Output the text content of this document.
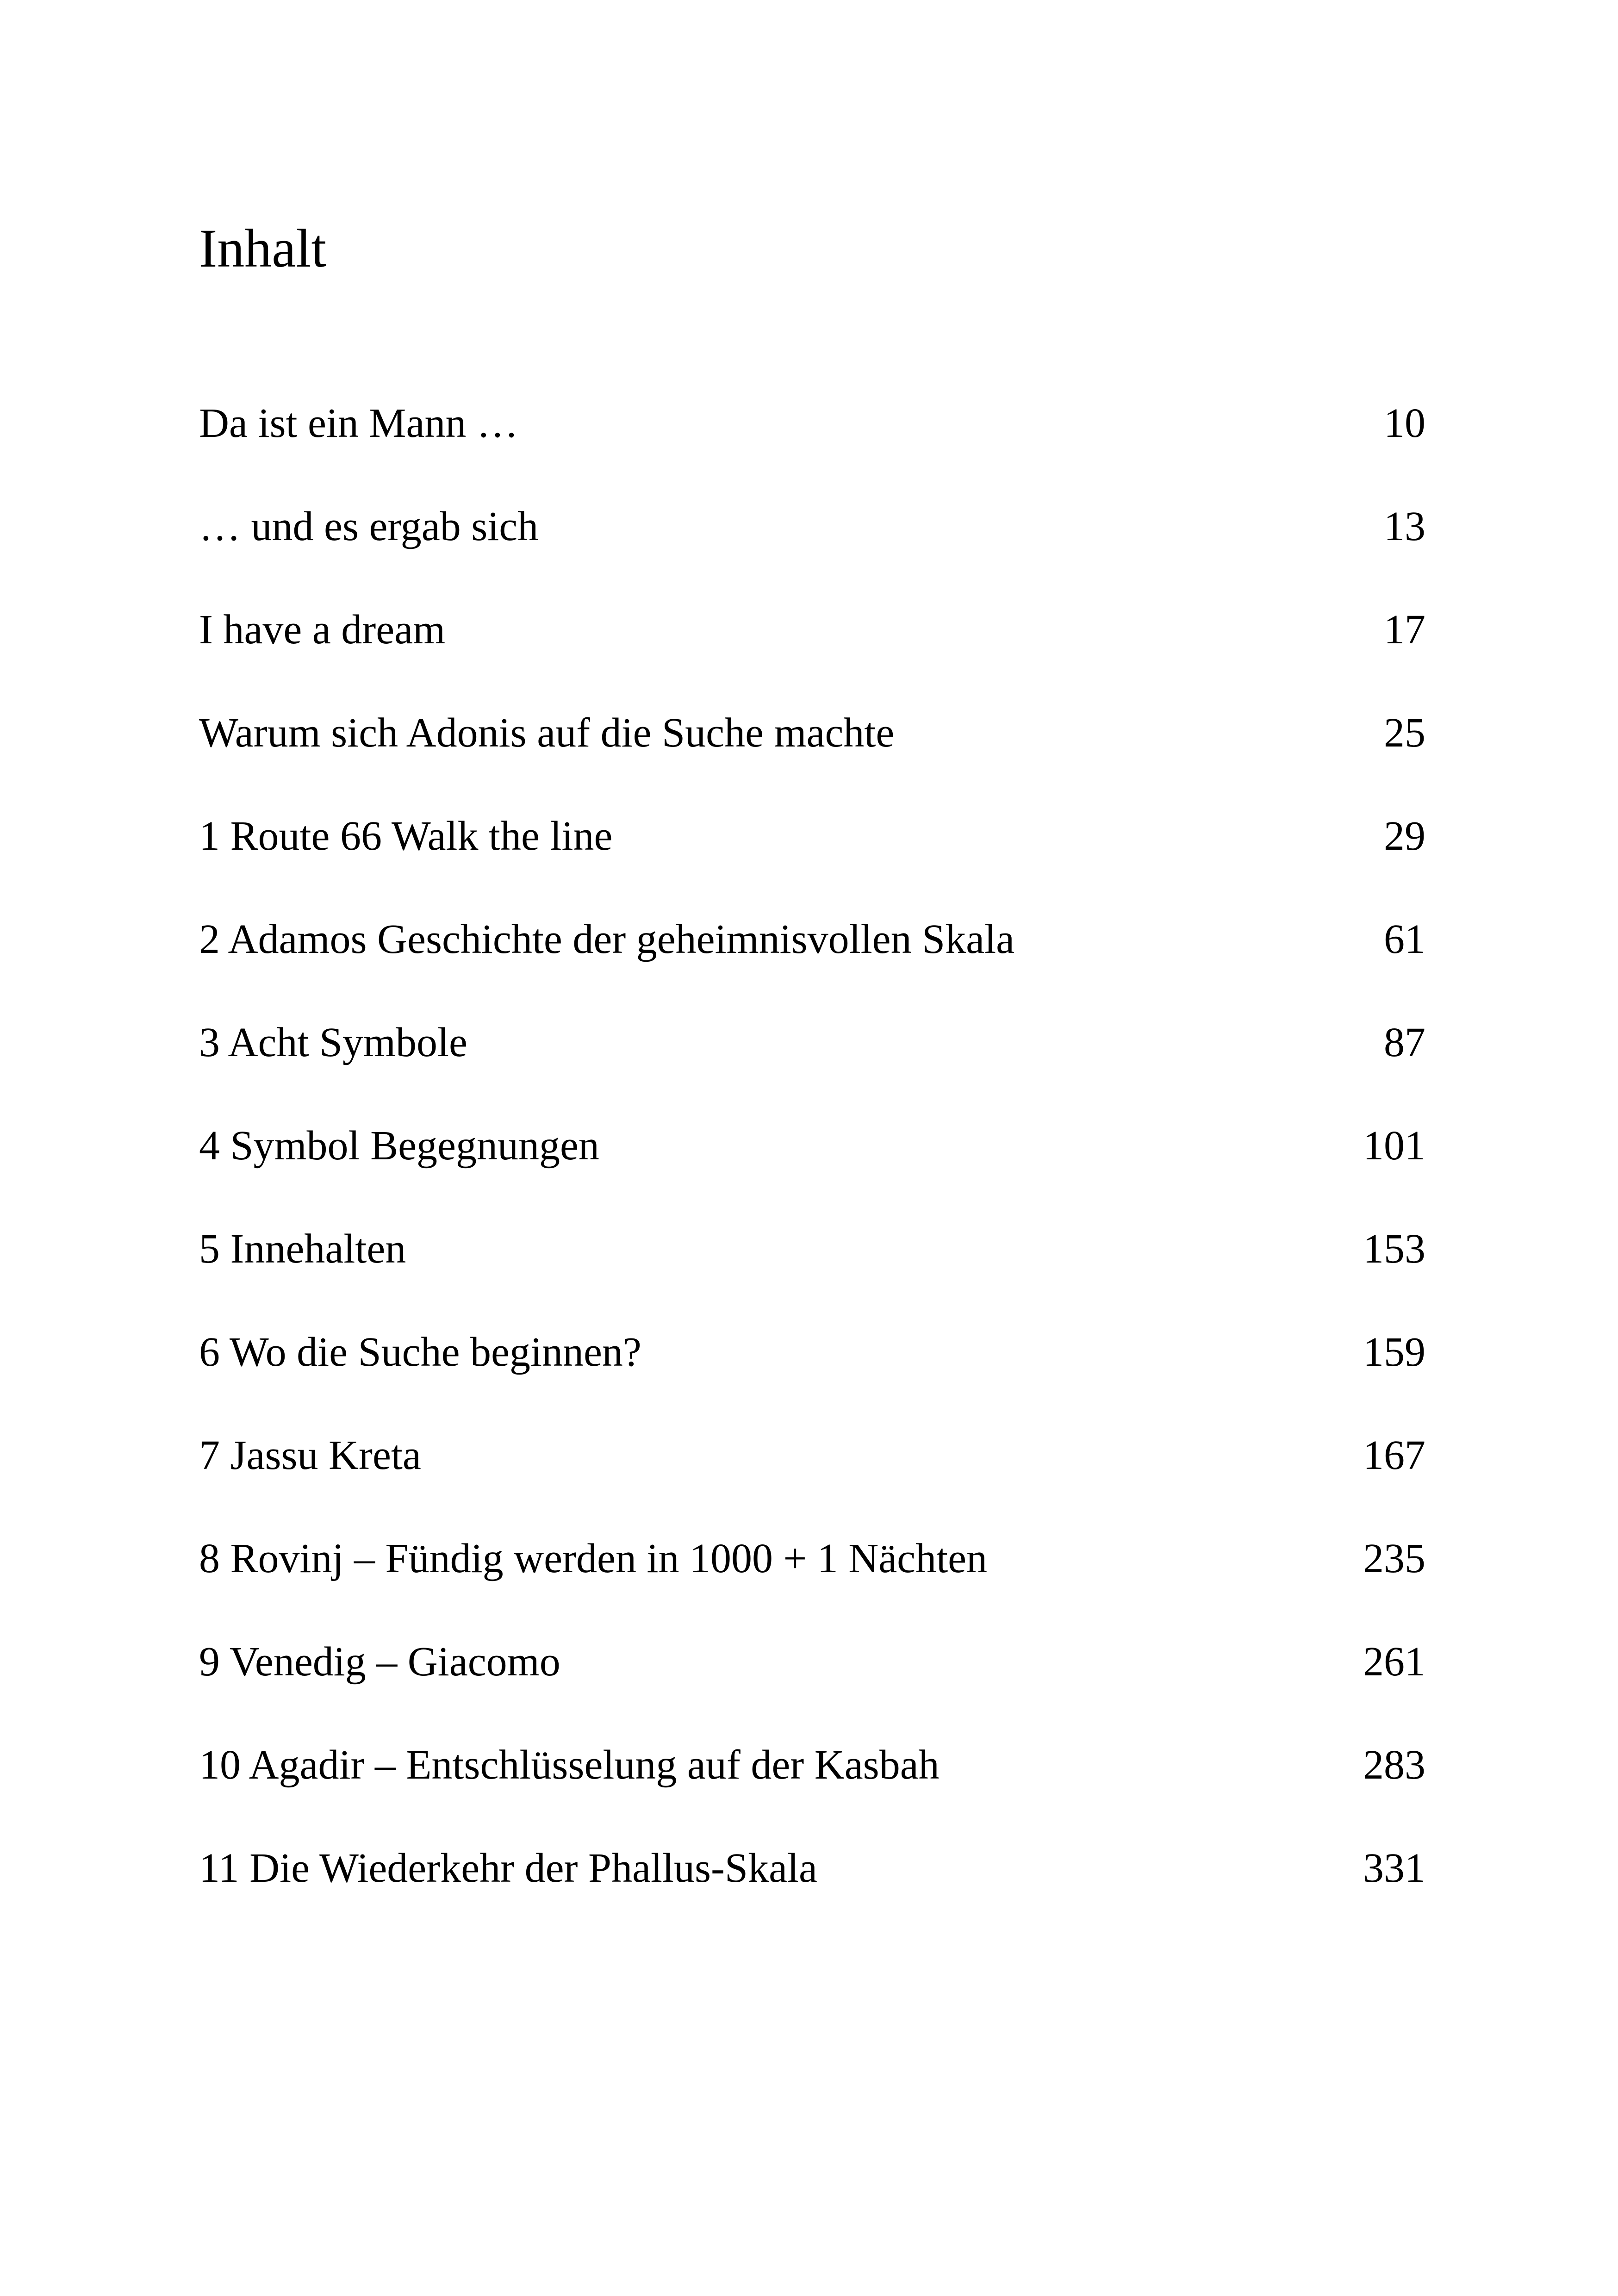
Inhalt
Da ist ein Mann …	10
… und es ergab sich	13
I have a dream	17
Warum sich Adonis auf die Suche machte	25
1 Route 66 Walk the line	29
2 Adamos Geschichte der geheimnisvollen Skala	61
3 Acht Symbole	87
4 Symbol Begegnungen	101
5 Innehalten	153
6 Wo die Suche beginnen?	159
7 Jassu Kreta	167
8 Rovinj – Fündig werden in 1000 + 1 Nächten	235
9 Venedig – Giacomo	261
10 Agadir – Entschlüsselung auf der Kasbah	283
11 Die Wiederkehr der Phallus-Skala	331
